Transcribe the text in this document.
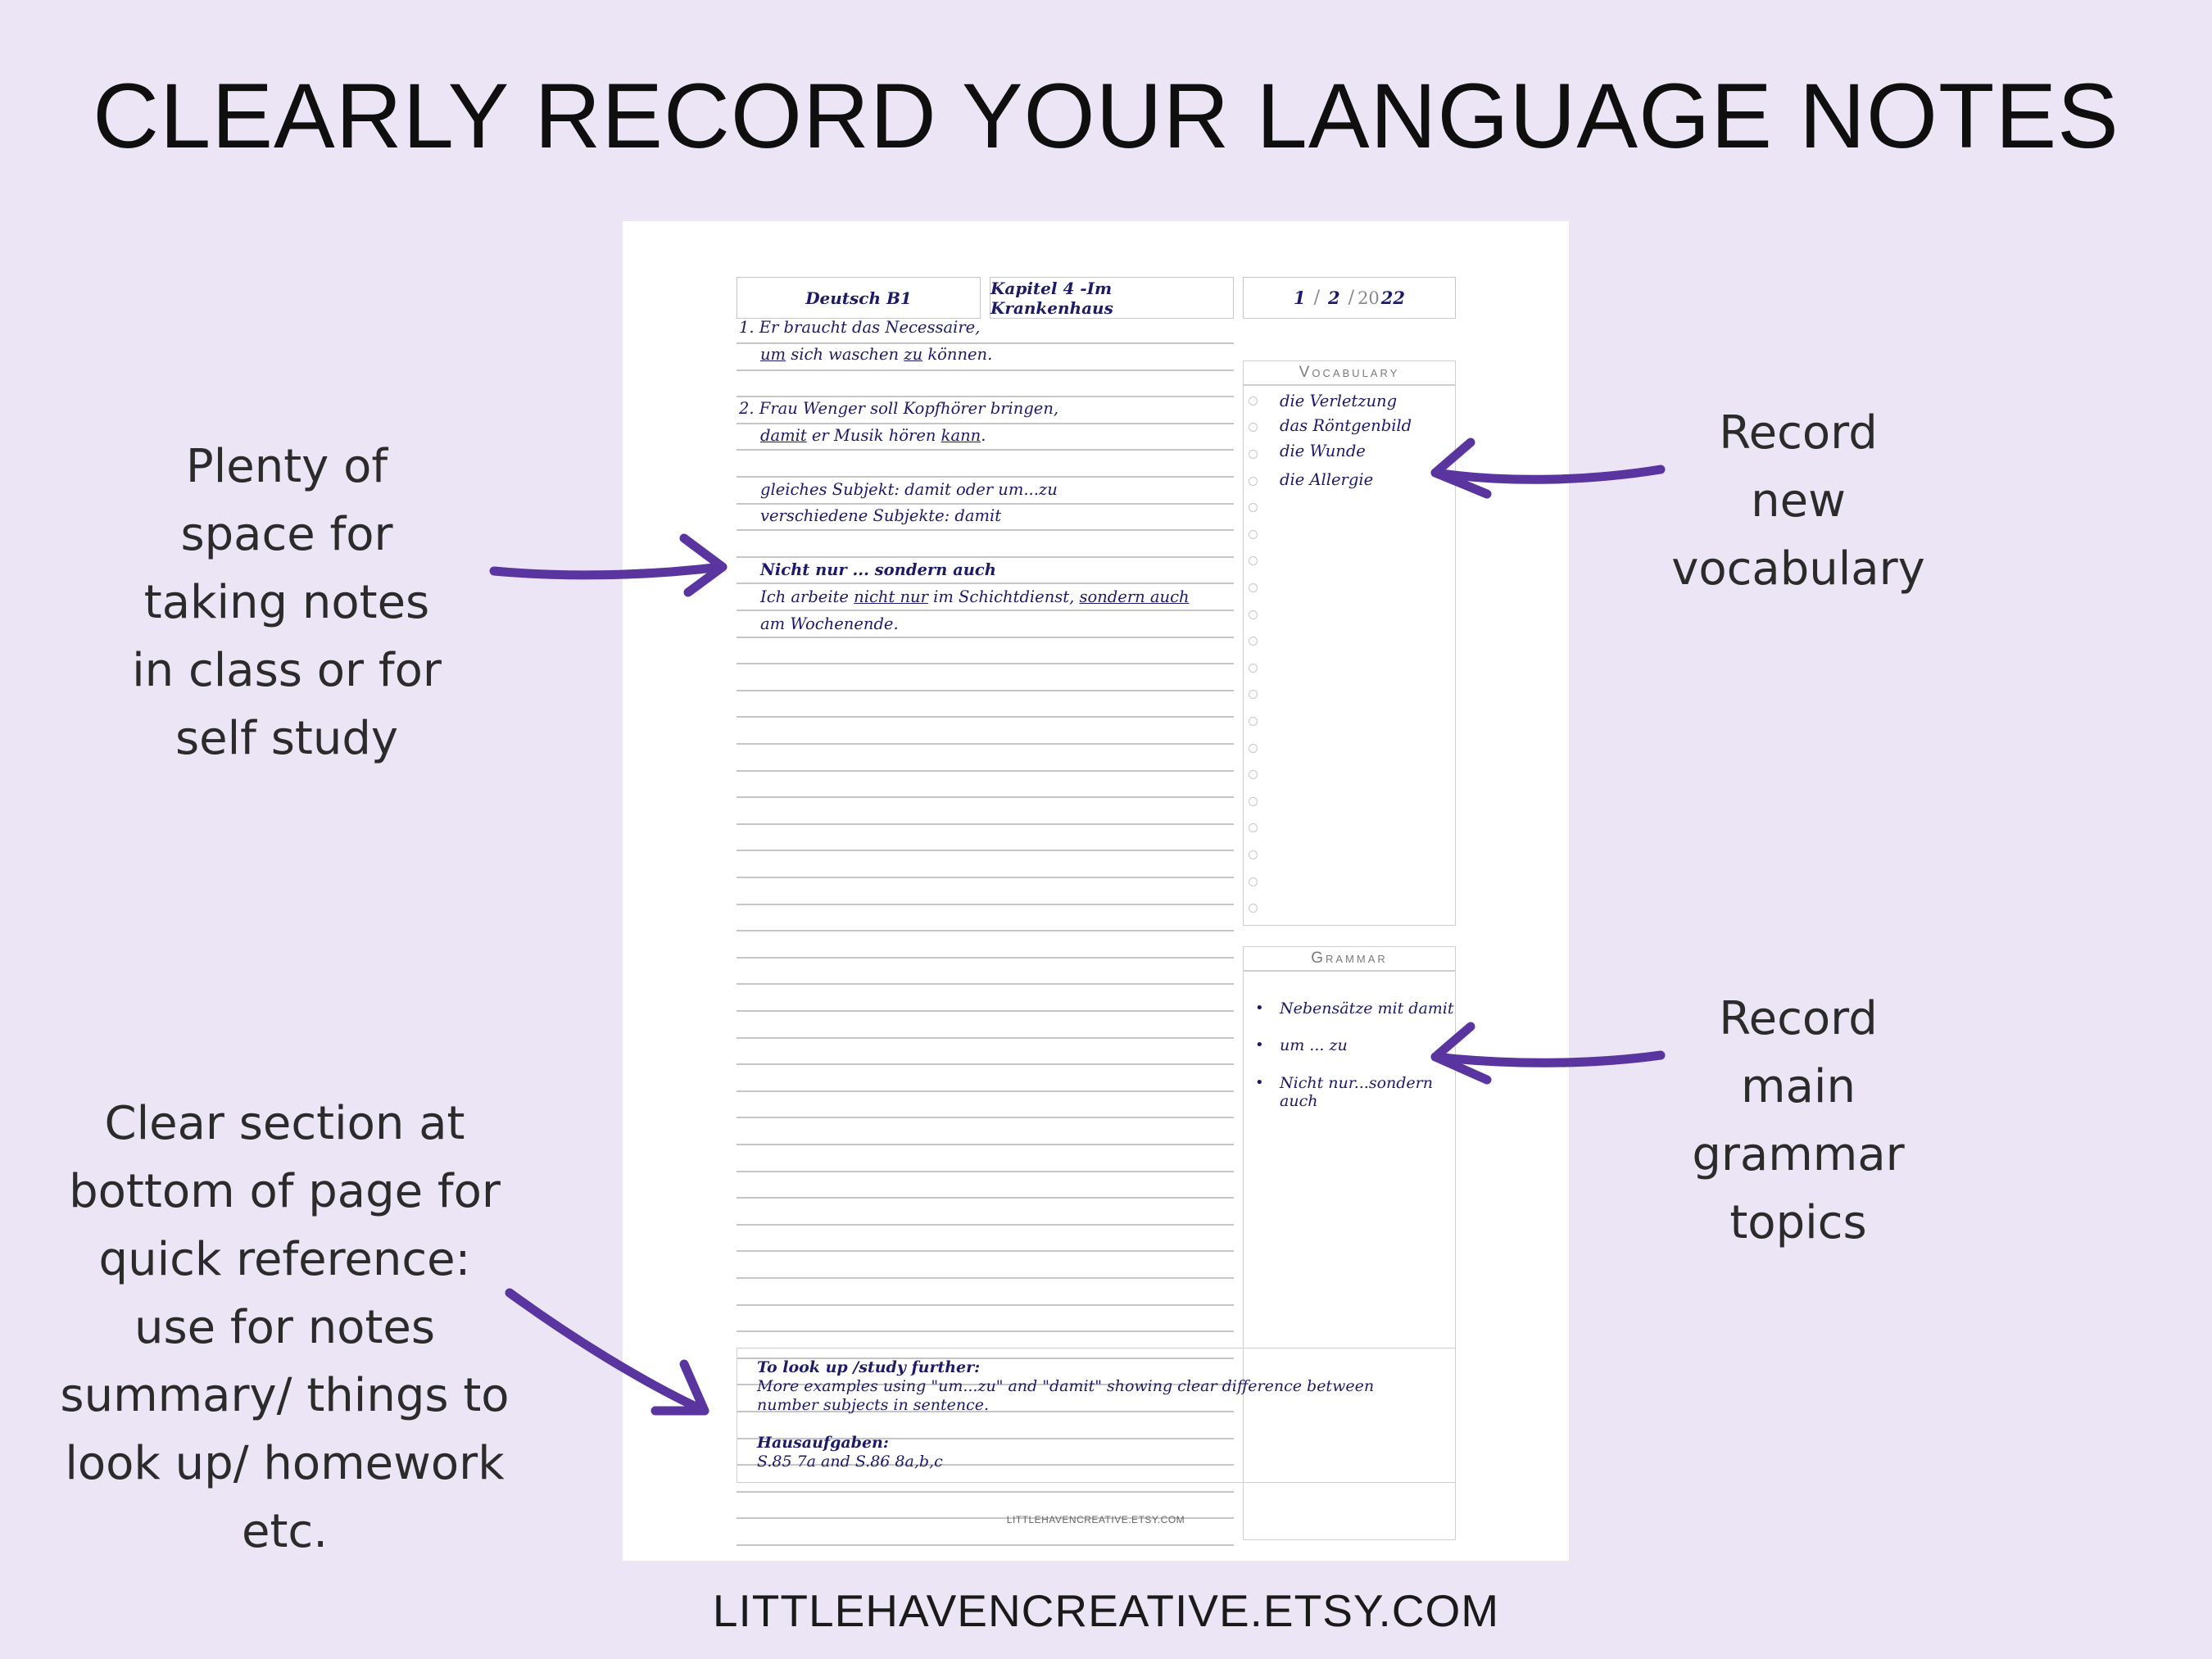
CLEARLY RECORD YOUR LANGUAGE NOTES
Plenty of
space for
taking notes
in class or for
self study
Clear section at
bottom of page for
quick reference:
use for notes
summary/ things to
look up/ homework
etc.
Record
new
vocabulary
Record
main
grammar
topics
Deutsch B1	Kapitel 4 -Im Krankenhaus	1 / 2 / 20 22
1. Er braucht das Necessaire,
um sich waschen zu können.
2. Frau Wenger soll Kopfhörer bringen,
damit er Musik hören kann.
gleiches Subjekt: damit oder um...zu
verschiedene Subjekte: damit
Nicht nur ... sondern auch
Ich arbeite nicht nur im Schichtdienst, sondern auch
am Wochenende.
Vocabulary
die Verletzung
das Röntgenbild
die Wunde
die Allergie
Grammar
• Nebensätze mit damit
• um ... zu
• Nicht nur...sondern auch
To look up /study further:
More examples using "um...zu" and "damit" showing clear difference between
number subjects in sentence.
Hausaufgaben:
S.85 7a and S.86 8a,b,c
LITTLEHAVENCREATIVE.ETSY.COM
LITTLEHAVENCREATIVE.ETSY.COM
